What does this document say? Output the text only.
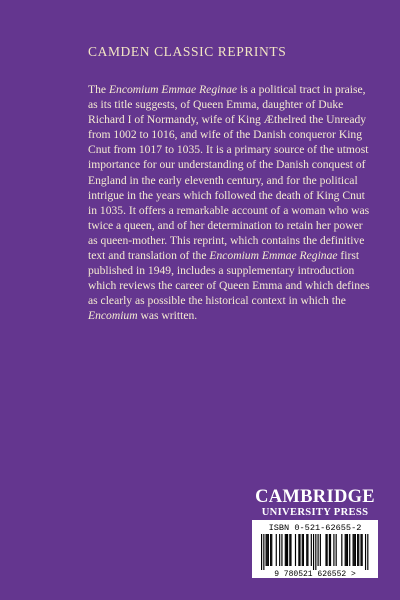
CAMDEN CLASSIC REPRINTS

The Encomium Emmae Reginae is a political tract in praise, as its title suggests, of Queen Emma, daughter of Duke Richard I of Normandy, wife of King Æthelred the Unready from 1002 to 1016, and wife of the Danish conqueror King Cnut from 1017 to 1035. It is a primary source of the utmost importance for our understanding of the Danish conquest of England in the early eleventh century, and for the political intrigue in the years which followed the death of King Cnut in 1035. It offers a remarkable account of a woman who was twice a queen, and of her determination to retain her power as queen-mother. This reprint, which contains the definitive text and translation of the Encomium Emmae Reginae first published in 1949, includes a supplementary introduction which reviews the career of Queen Emma and which defines as clearly as possible the historical context in which the Encomium was written.

CAMBRIDGE
UNIVERSITY PRESS
ISBN 0-521-62655-2
9 780521 626552 >
